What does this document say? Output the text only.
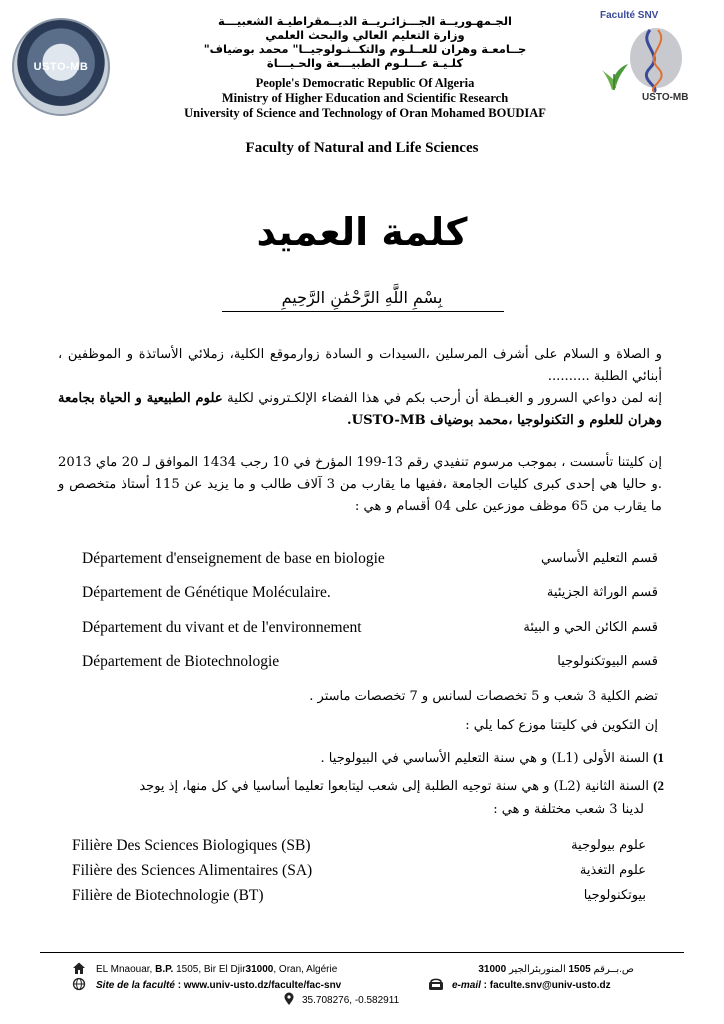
USTO-MB
Faculté SNV
USTO-MB
الجـمهـوريــة الجـــزائـريــة الديــمقراطيـة الشعبيـــة
وزارة التعليم العالي والبحث العلمي
جــامعـة وهران للعــلـوم والتكــنـولوجيــا" محمد بوضياف"
كلـيـة عـــلـوم الطبيـــعة والحـيـــاة
People's Democratic Republic Of Algeria
Ministry of Higher Education and Scientific Research
University of Science and Technology of Oran Mohamed BOUDIAF
Faculty of Natural and Life Sciences
كلمة العميد
بِسْمِ اللَّهِ الرَّحْمَٰنِ الرَّحِيمِ
و الصلاة و السلام على أشرف المرسلين ،السيدات و السادة زوارموقع الكلية، زملائي الأساتذة و الموظفين ، أبنائي الطلبة ..........
إنه لمن دواعي السرور و الغبـطة أن أرحب بكم في هذا الفضاء الإلكـتروني لكلية علوم الطبيعية و الحياة بجامعة وهران للعلوم و التكنولوجيا ،محمد بوضياف USTO-MB.
إن كليتنا تأسست ، بموجب مرسوم تنفيدي رقم 13-199 المؤرخ في 10 رجب 1434 الموافق لـ 20 ماي 2013 .و حاليا هي إحدى كبرى كليات الجامعة ،ففيها ما يقارب من 3 آلاف طالب و ما يزيد عن 115 أستاذ متخصص و ما يقارب من 65 موظف موزعين على 04 أقسام و هي :
Département d'enseignement de base en biologie	قسم التعليم الأساسي
Département de Génétique Moléculaire.	قسم الوراثة الجزيئية
Département du vivant et de l'environnement	قسم الكائن الحي و البيئة
Département de Biotechnologie	قسم البيوتكنولوجيا
تضم الكلية 3 شعب و 5 تخصصات لسانس و 7 تخصصات ماستر .
إن التكوين في كليتنا موزع كما يلي :
1) السنة الأولى (L1) و هي سنة التعليم الأساسي في البيولوجيا .
2) السنة الثانية (L2) و هي سنة توجيه الطلبة إلى شعب ليتابعوا تعليما أساسيا في كل منها، إذ يوجد
لدينا 3 شعب مختلفة و هي :
Filière Des Sciences Biologiques (SB)	علوم بيولوجية
Filière des Sciences Alimentaires (SA)	علوم التغذية
Filière de Biotechnologie (BT)	بيوتكنولوجيا
EL Mnaouar, B.P. 1505, Bir El Djir31000, Oran, Algérie
Site de la faculté : www.univ-usto.dz/faculte/fac-snv
35.708276, -0.582911
ص.بــرقم 1505 المنوربئرالجير 31000
e-mail : faculte.snv@univ-usto.dz
